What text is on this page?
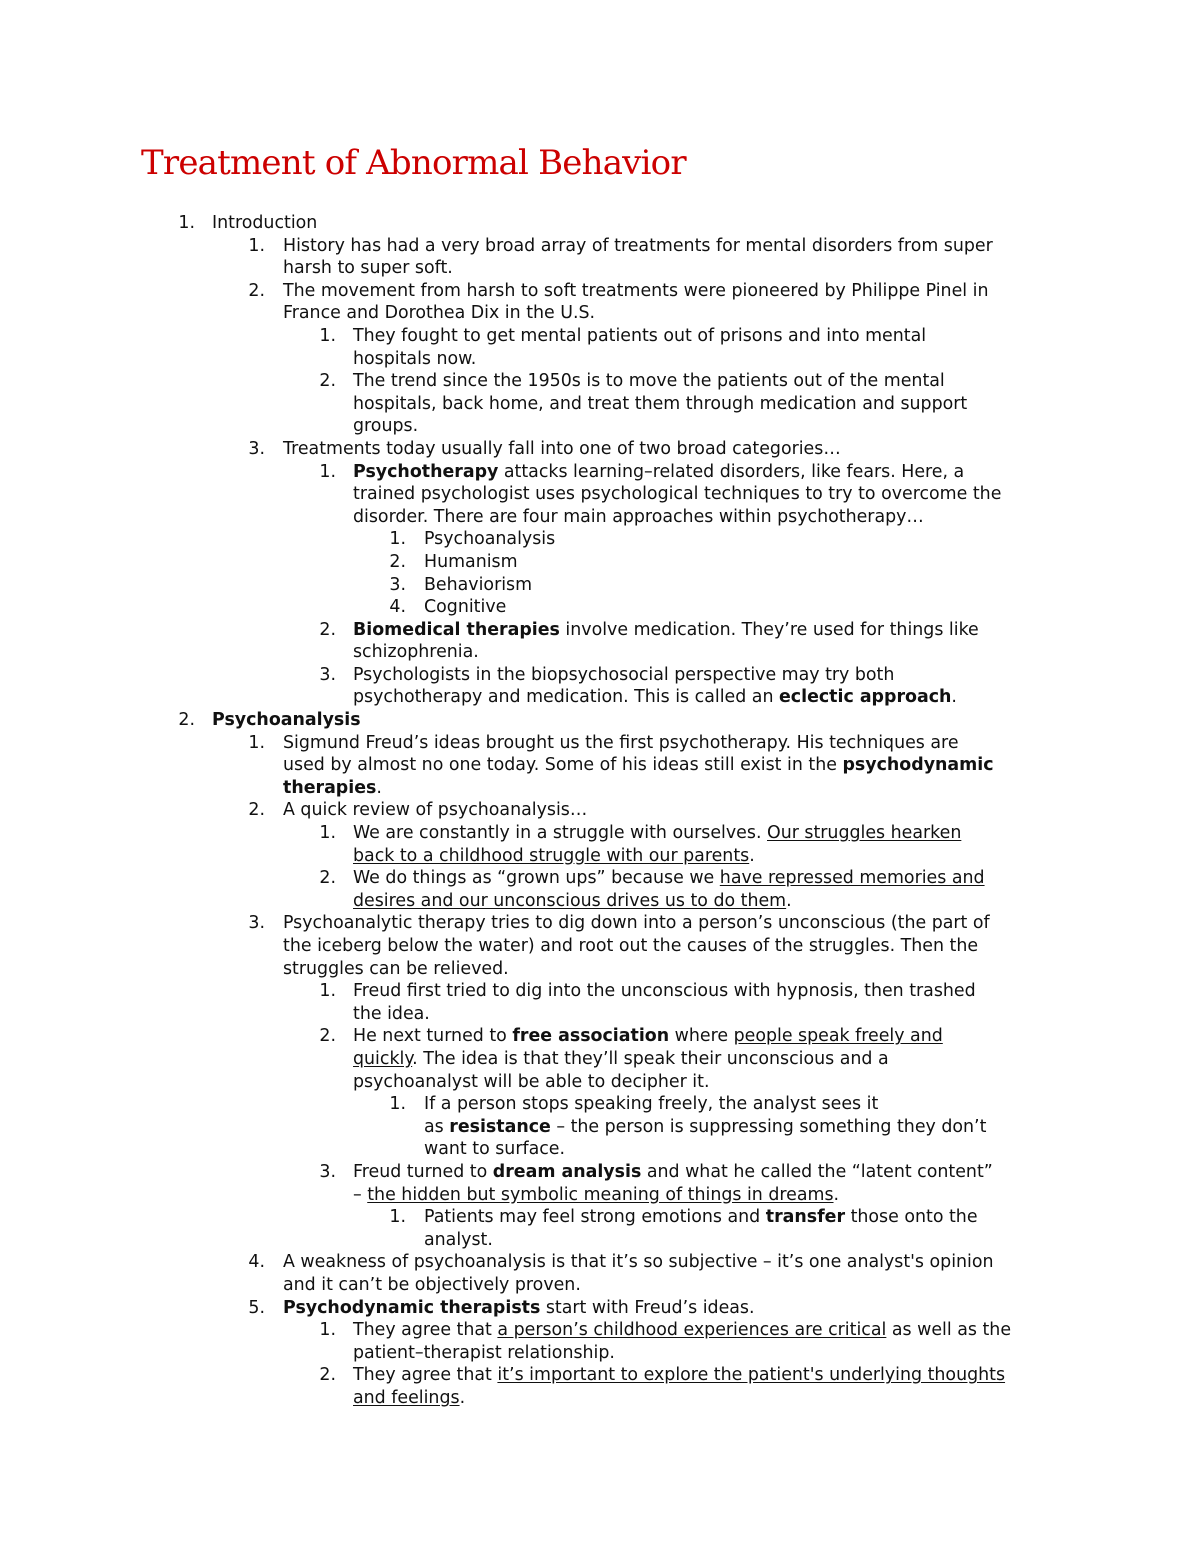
Treatment of Abnormal Behavior
1. Introduction
1. History has had a very broad array of treatments for mental disorders from super
harsh to super soft.
2. The movement from harsh to soft treatments were pioneered by Philippe Pinel in
France and Dorothea Dix in the U.S.
1. They fought to get mental patients out of prisons and into mental
hospitals now.
2. The trend since the 1950s is to move the patients out of the mental
hospitals, back home, and treat them through medication and support
groups.
3. Treatments today usually fall into one of two broad categories…
1. Psychotherapy attacks learning–related disorders, like fears. Here, a
trained psychologist uses psychological techniques to try to overcome the
disorder. There are four main approaches within psychotherapy…
1. Psychoanalysis
2. Humanism
3. Behaviorism
4. Cognitive
2. Biomedical therapies involve medication. They’re used for things like
schizophrenia.
3. Psychologists in the biopsychosocial perspective may try both
psychotherapy and medication. This is called an eclectic approach.
2. Psychoanalysis
1. Sigmund Freud’s ideas brought us the first psychotherapy. His techniques are
used by almost no one today. Some of his ideas still exist in the psychodynamic
therapies.
2. A quick review of psychoanalysis…
1. We are constantly in a struggle with ourselves. Our struggles hearken
back to a childhood struggle with our parents.
2. We do things as “grown ups” because we have repressed memories and
desires and our unconscious drives us to do them.
3. Psychoanalytic therapy tries to dig down into a person’s unconscious (the part of
the iceberg below the water) and root out the causes of the struggles. Then the
struggles can be relieved.
1. Freud first tried to dig into the unconscious with hypnosis, then trashed
the idea.
2. He next turned to free association where people speak freely and
quickly. The idea is that they’ll speak their unconscious and a
psychoanalyst will be able to decipher it.
1. If a person stops speaking freely, the analyst sees it
as resistance – the person is suppressing something they don’t
want to surface.
3. Freud turned to dream analysis and what he called the “latent content”
– the hidden but symbolic meaning of things in dreams.
1. Patients may feel strong emotions and transfer those onto the
analyst.
4. A weakness of psychoanalysis is that it’s so subjective – it’s one analyst's opinion
and it can’t be objectively proven.
5. Psychodynamic therapists start with Freud’s ideas.
1. They agree that a person’s childhood experiences are critical as well as the
patient–therapist relationship.
2. They agree that it’s important to explore the patient's underlying thoughts
and feelings.
